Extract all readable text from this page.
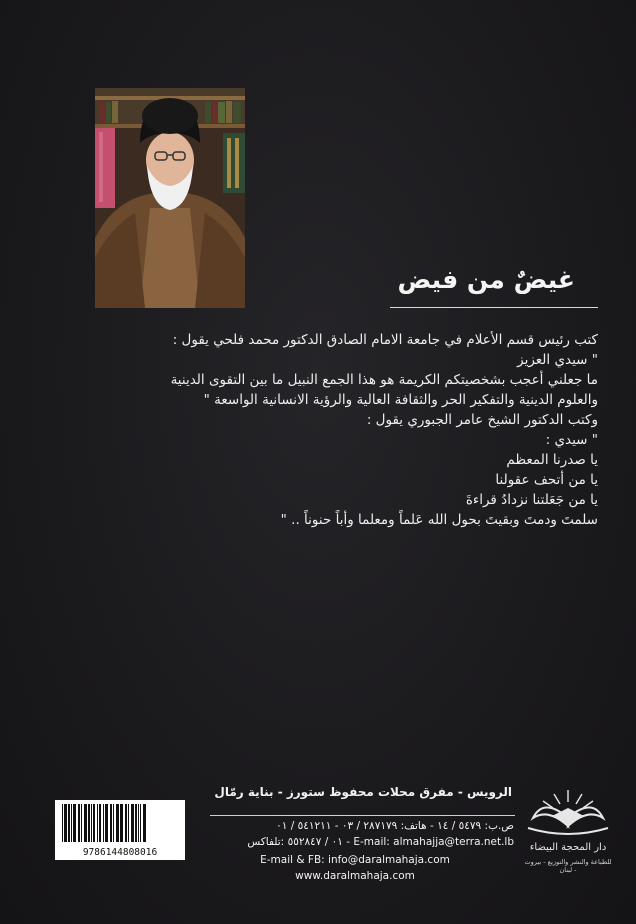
غيضٌ من فيض
كتب رئيس قسم الأعلام في جامعة الامام الصادق الدكتور محمد فلحي يقول :
" سيدي العزيز
ما جعلني أعجب بشخصيتكم الكريمة هو هذا الجمع النبيل ما بين التقوى الدينية
والعلوم الدينية والتفكير الحر والثقافة العالية والرؤية الانسانية الواسعة "
وكتب الدكتور الشيخ عامر الجبوري يقول :
" سيدي :
يا صدرنا المعظم
يا من أتحف عقولنا
يا من جَعَلتنا نزدادُ قراءةَ
سلمتَ ودمتَ وبقيتَ بحول الله عَلماً ومعلما وأباً حنوناً .. "
الرويس - مفرق محلات محفوظ ستورز - بناية رمّال
ص.ب: ٥٤٧٩ / ١٤ - هاتف: ٢٨٧١٧٩ / ٠٣ - ٥٤١٢١١ / ٠١
E-mail: almahajja@terra.net.lb - ٠١ / ٥٥٢٨٤٧ :تلفاكس
E-mail & FB: info@daralmahaja.com
www.daralmahaja.com
9786144808016	دار المحجة البيضاء
للطباعة والنشر والتوزيع - بيروت - لبنان
